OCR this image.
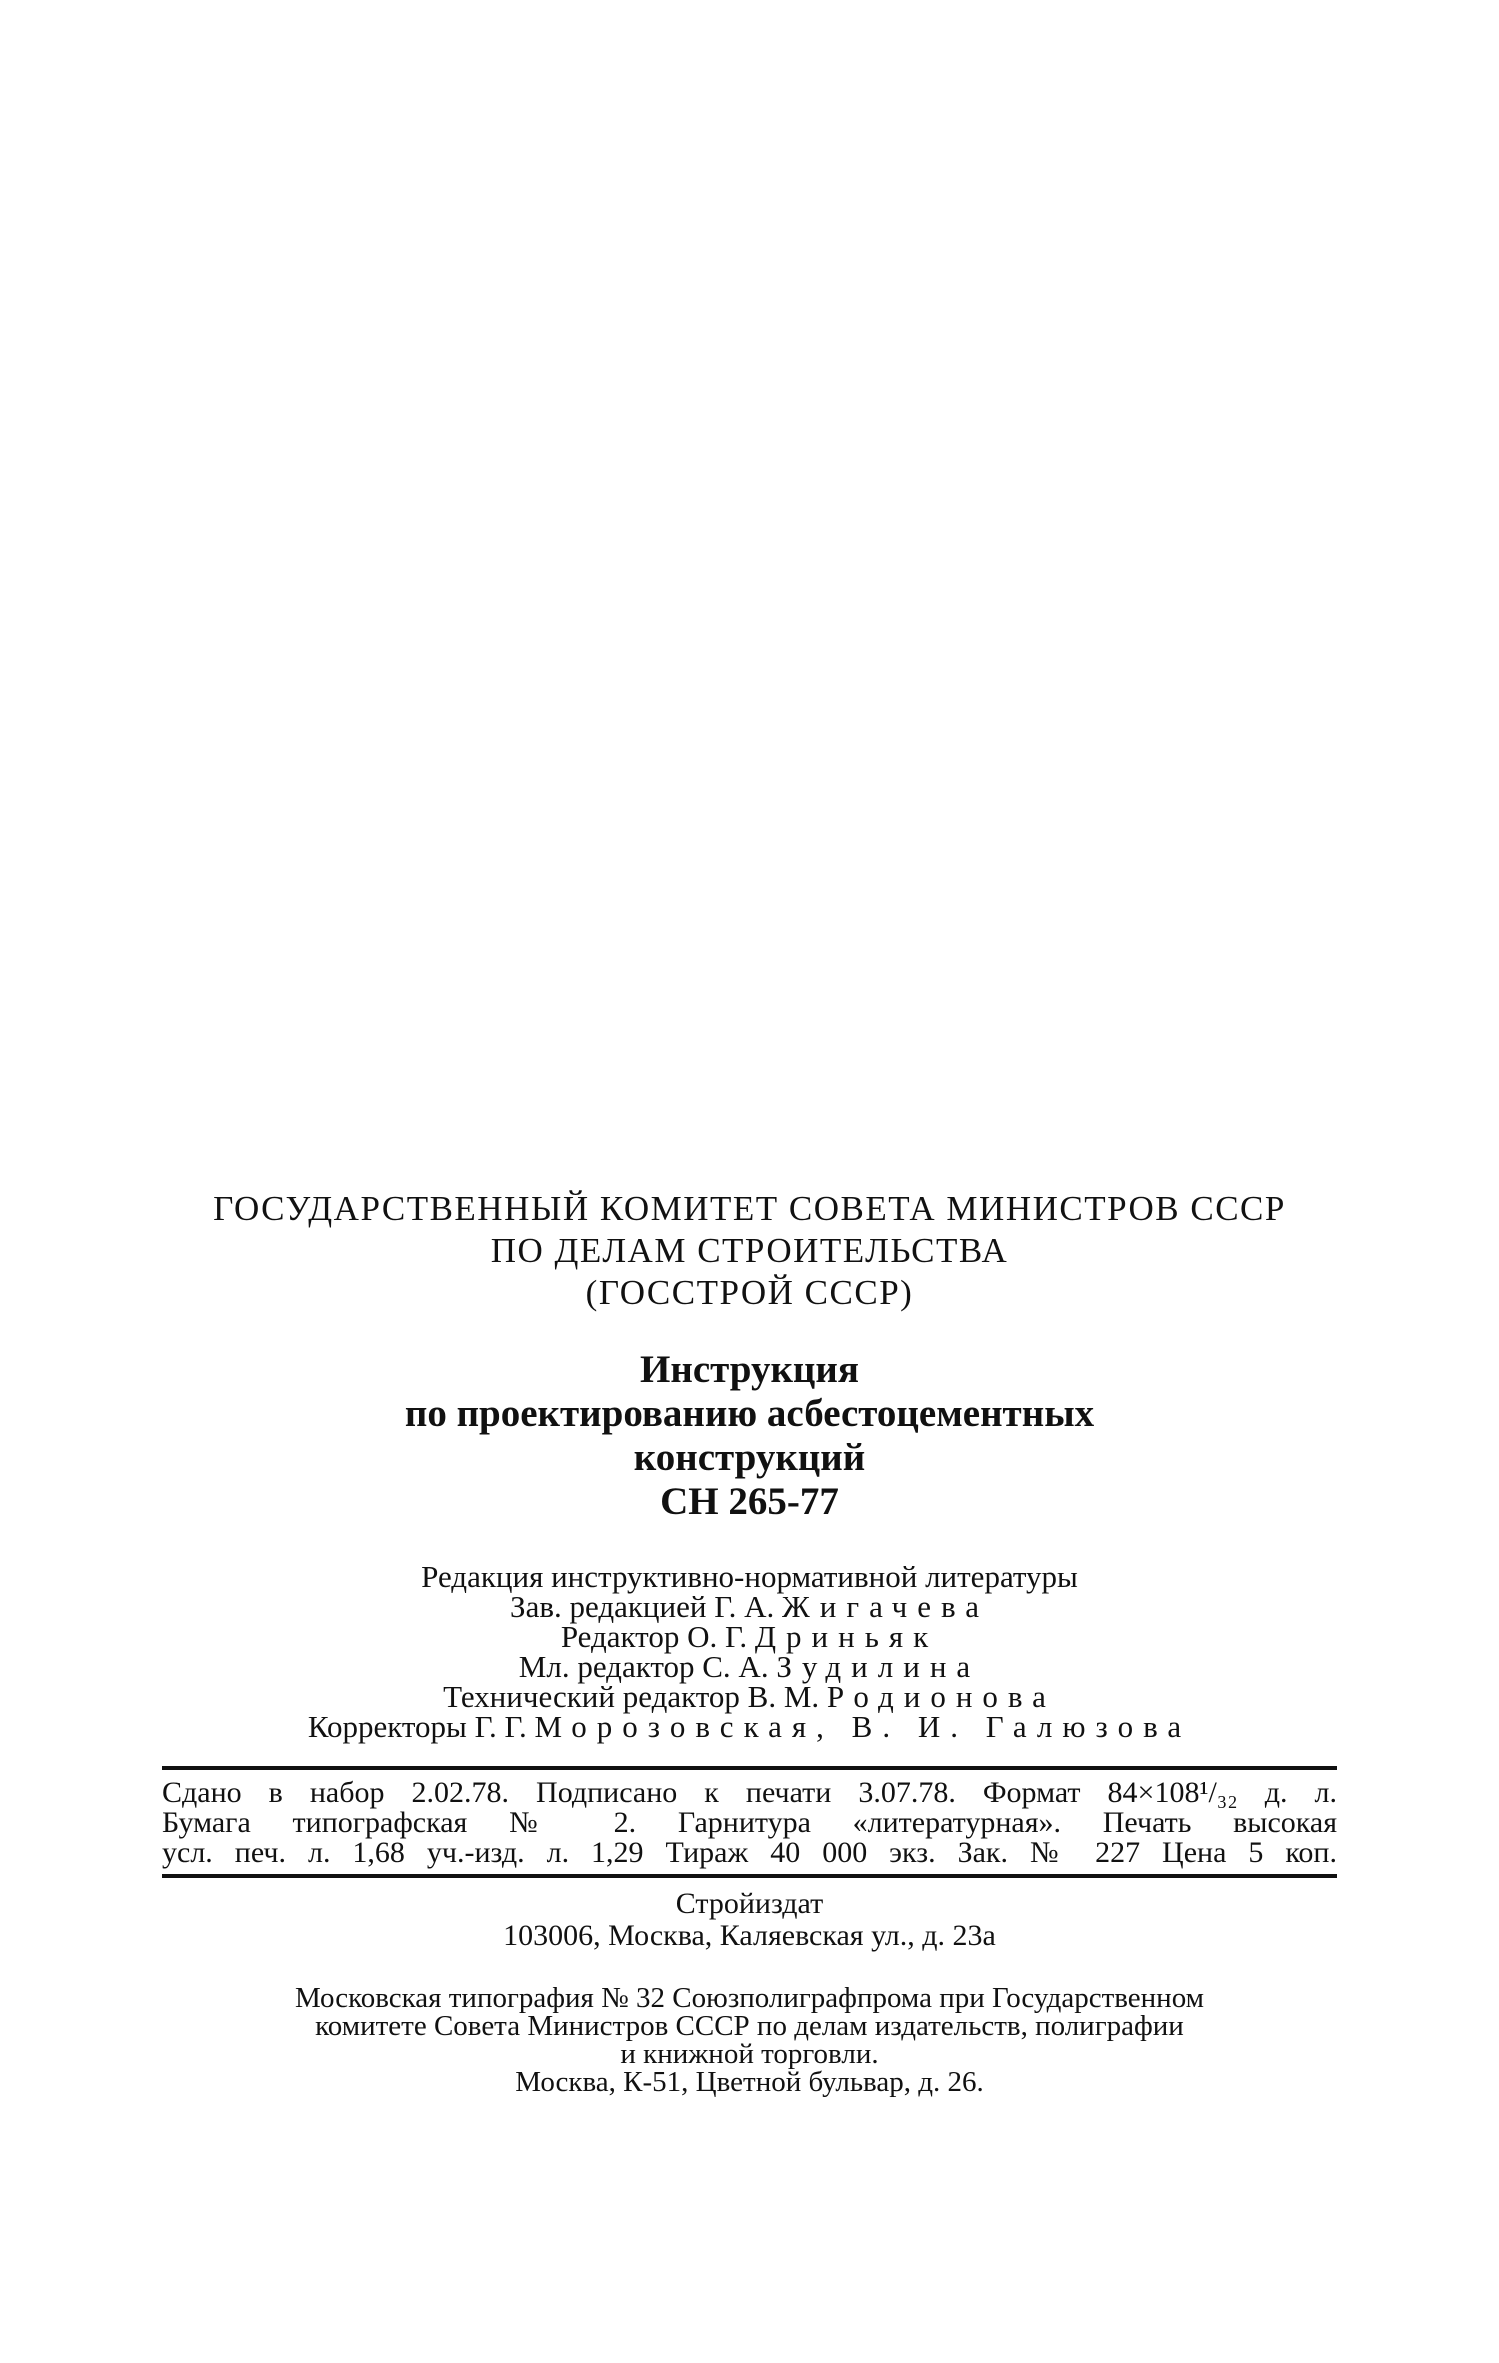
ГОСУДАРСТВЕННЫЙ КОМИТЕТ СОВЕТА МИНИСТРОВ СССР
ПО ДЕЛАМ СТРОИТЕЛЬСТВА
(ГОССТРОЙ СССР)
Инструкция
по проектированию асбестоцементных
конструкций
СН 265-77
Редакция инструктивно-нормативной литературы
Зав. редакцией Г. А. Жигачева
Редактор О. Г. Дриньяк
Мл. редактор С. А. Зудилина
Технический редактор В. М. Родионова
Корректоры Г. Г. Морозовская, В. И. Галюзова
Сдано в набор 2.02.78. Подписано к печати 3.07.78. Формат 84×108¹/₃₂ д. л.
Бумага типографская № 2. Гарнитура «литературная». Печать высокая
усл. печ. л. 1,68 уч.-изд. л. 1,29 Тираж 40 000 экз. Зак. № 227 Цена 5 коп.
Стройиздат
103006, Москва, Каляевская ул., д. 23а
Московская типография № 32 Союзполиграфпрома при Государственном
комитете Совета Министров СССР по делам издательств, полиграфии
и книжной торговли.
Москва, К-51, Цветной бульвар, д. 26.
